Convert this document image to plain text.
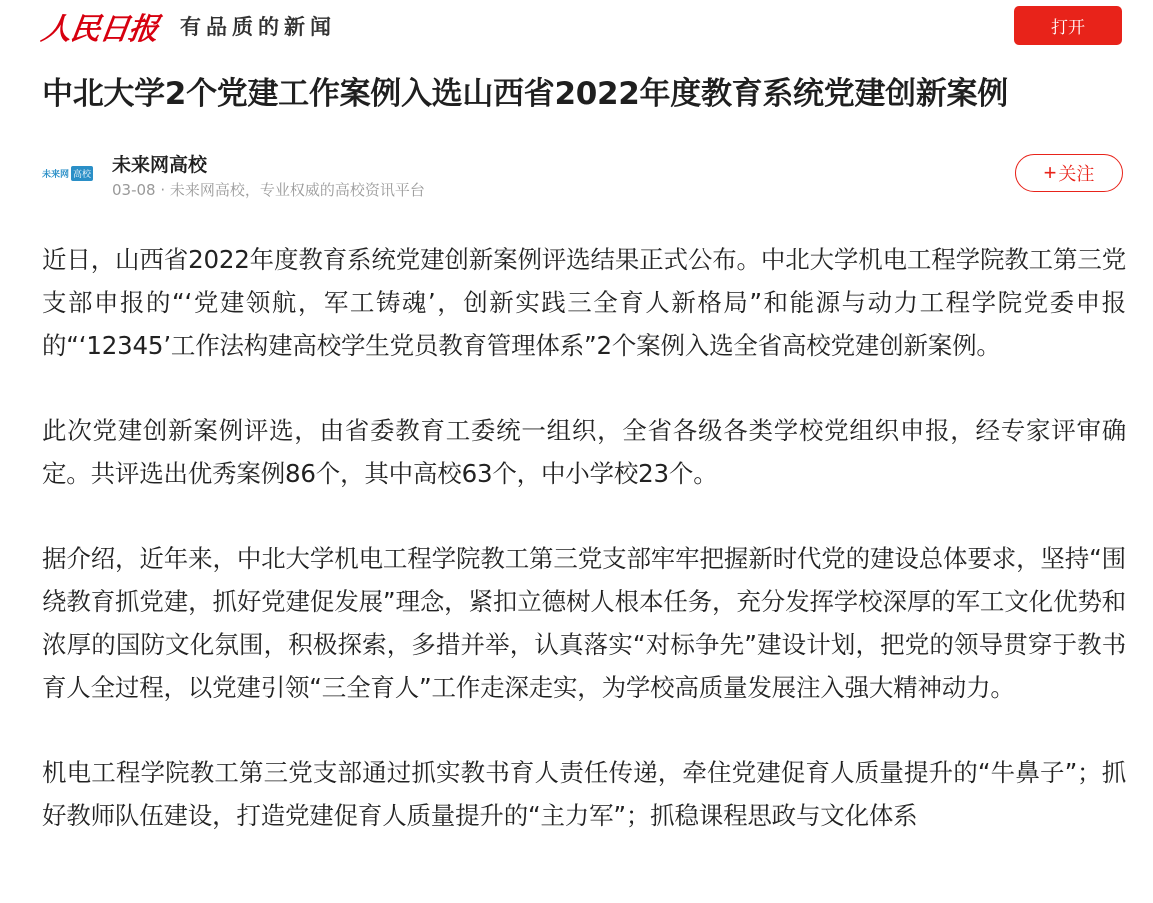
人民日报 有品质的新闻	打开
中北大学2个党建工作案例入选山西省2022年度教育系统党建创新案例
未来网 高校 未来网高校
03-08 · 未来网高校，专业权威的高校资讯平台
+ 关注

近日，山西省2022年度教育系统党建创新案例评选结果正式公布。中北大学机电工程学院教工第三党支部申报的“‘党建领航，军工铸魂’，创新实践三全育人新格局”和能源与动力工程学院党委申报的“‘12345’工作法构建高校学生党员教育管理体系”2个案例入选全省高校党建创新案例。

此次党建创新案例评选，由省委教育工委统一组织，全省各级各类学校党组织申报，经专家评审确定。共评选出优秀案例86个，其中高校63个，中小学校23个。

据介绍，近年来，中北大学机电工程学院教工第三党支部牢牢把握新时代党的建设总体要求，坚持“围绕教育抓党建，抓好党建促发展”理念，紧扣立德树人根本任务，充分发挥学校深厚的军工文化优势和浓厚的国防文化氛围，积极探索，多措并举，认真落实“对标争先”建设计划，把党的领导贯穿于教书育人全过程，以党建引领“三全育人”工作走深走实，为学校高质量发展注入强大精神动力。

机电工程学院教工第三党支部通过抓实教书育人责任传递，牵住党建促育人质量提升的“牛鼻子”；抓好教师队伍建设，打造党建促育人质量提升的“主力军”；抓稳课程思政与文化体系
